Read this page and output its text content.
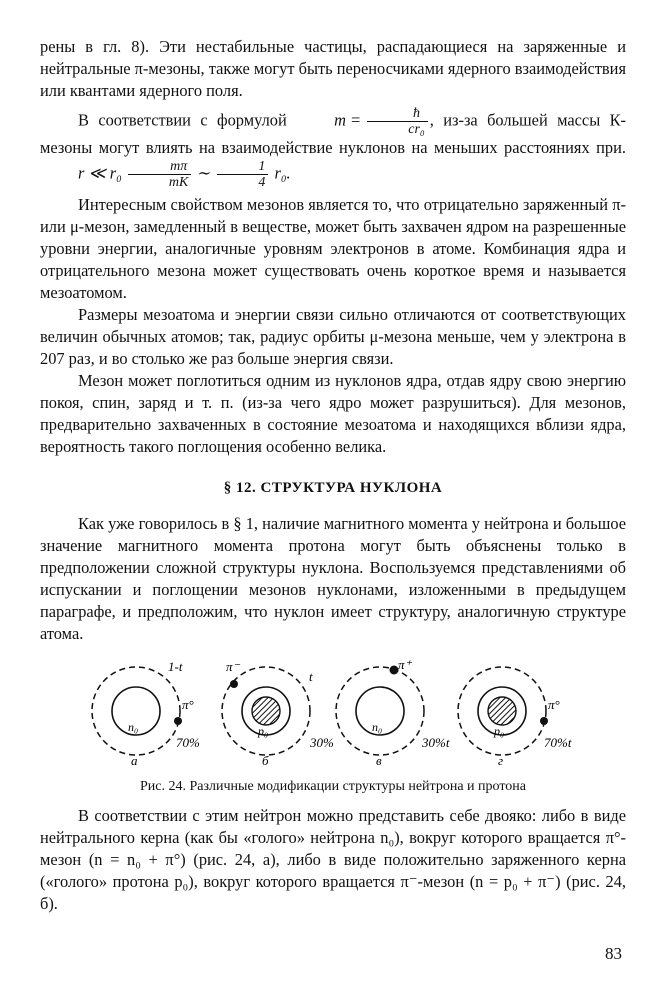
рены в гл. 8). Эти нестабильные частицы, распадающиеся на заряженные и нейтральные π-мезоны, также могут быть переносчиками ядерного взаимодействия или квантами ядерного поля.

В соответствии с формулой	$m = \frac{ħ}{\text{cr₀}}$ , из-за большей массы К-мезоны могут влиять на взаимодействие нуклонов на меньших расстояниях при. r ≪ $r_0 \frac{m\pi}{mK}$ ∼ $\frac{1}{4} r_0$.

Интересным свойством мезонов является то, что отрицательно заряженный π- или μ-мезон, замедленный в веществе, может быть захвачен ядром на разрешенные уровни энергии, аналогичные уровням электронов в атоме. Комбинация ядра и отрицательного мезона может существовать очень короткое время и называется мезоатомом.

Размеры мезоатома и энергии связи сильно отличаются от соответствующих величин обычных атомов; так, радиус орбиты μ-мезона меньше, чем у электрона в 207 раз, и во столько же раз больше энергия связи.

Мезон может поглотиться одним из нуклонов ядра, отдав ядру свою энергию покоя, спин, заряд и т. п. (из-за чего ядро может разрушиться). Для мезонов, предварительно захваченных в состояние мезоатома и находящихся вблизи ядра, вероятность такого поглощения особенно велика.

§ 12. СТРУКТУРА НУКЛОНА

Как уже говорилось в § 1, наличие магнитного момента у нейтрона и большое значение магнитного момента протона могут быть объяснены только в предположении сложной структуры нуклона. Воспользуемся представлениями об испускании и поглощении мезонов нуклонами, изложенными в предыдущем параграфе, и предположим, что нуклон имеет структуру, аналогичную структуре атома.

n₀
π°
1-t
70%
а
π⁻
p₀
t
30%
б
π⁺
n₀
30%t
в
π°
p₀
70%t
г
Рис. 24. Различные модификации структуры нейтрона и протона

В соответствии с этим нейтрон можно представить себе двояко: либо в виде нейтрального керна (как бы «голого» нейтрона n₀), вокруг которого вращается π°-мезон (n = n₀ + π°) (рис. 24, а), либо в виде положительно заряженного керна («голого» протона p₀), вокруг которого вращается π⁻-мезон (n = p₀ + π⁻) (рис. 24, б).

83
